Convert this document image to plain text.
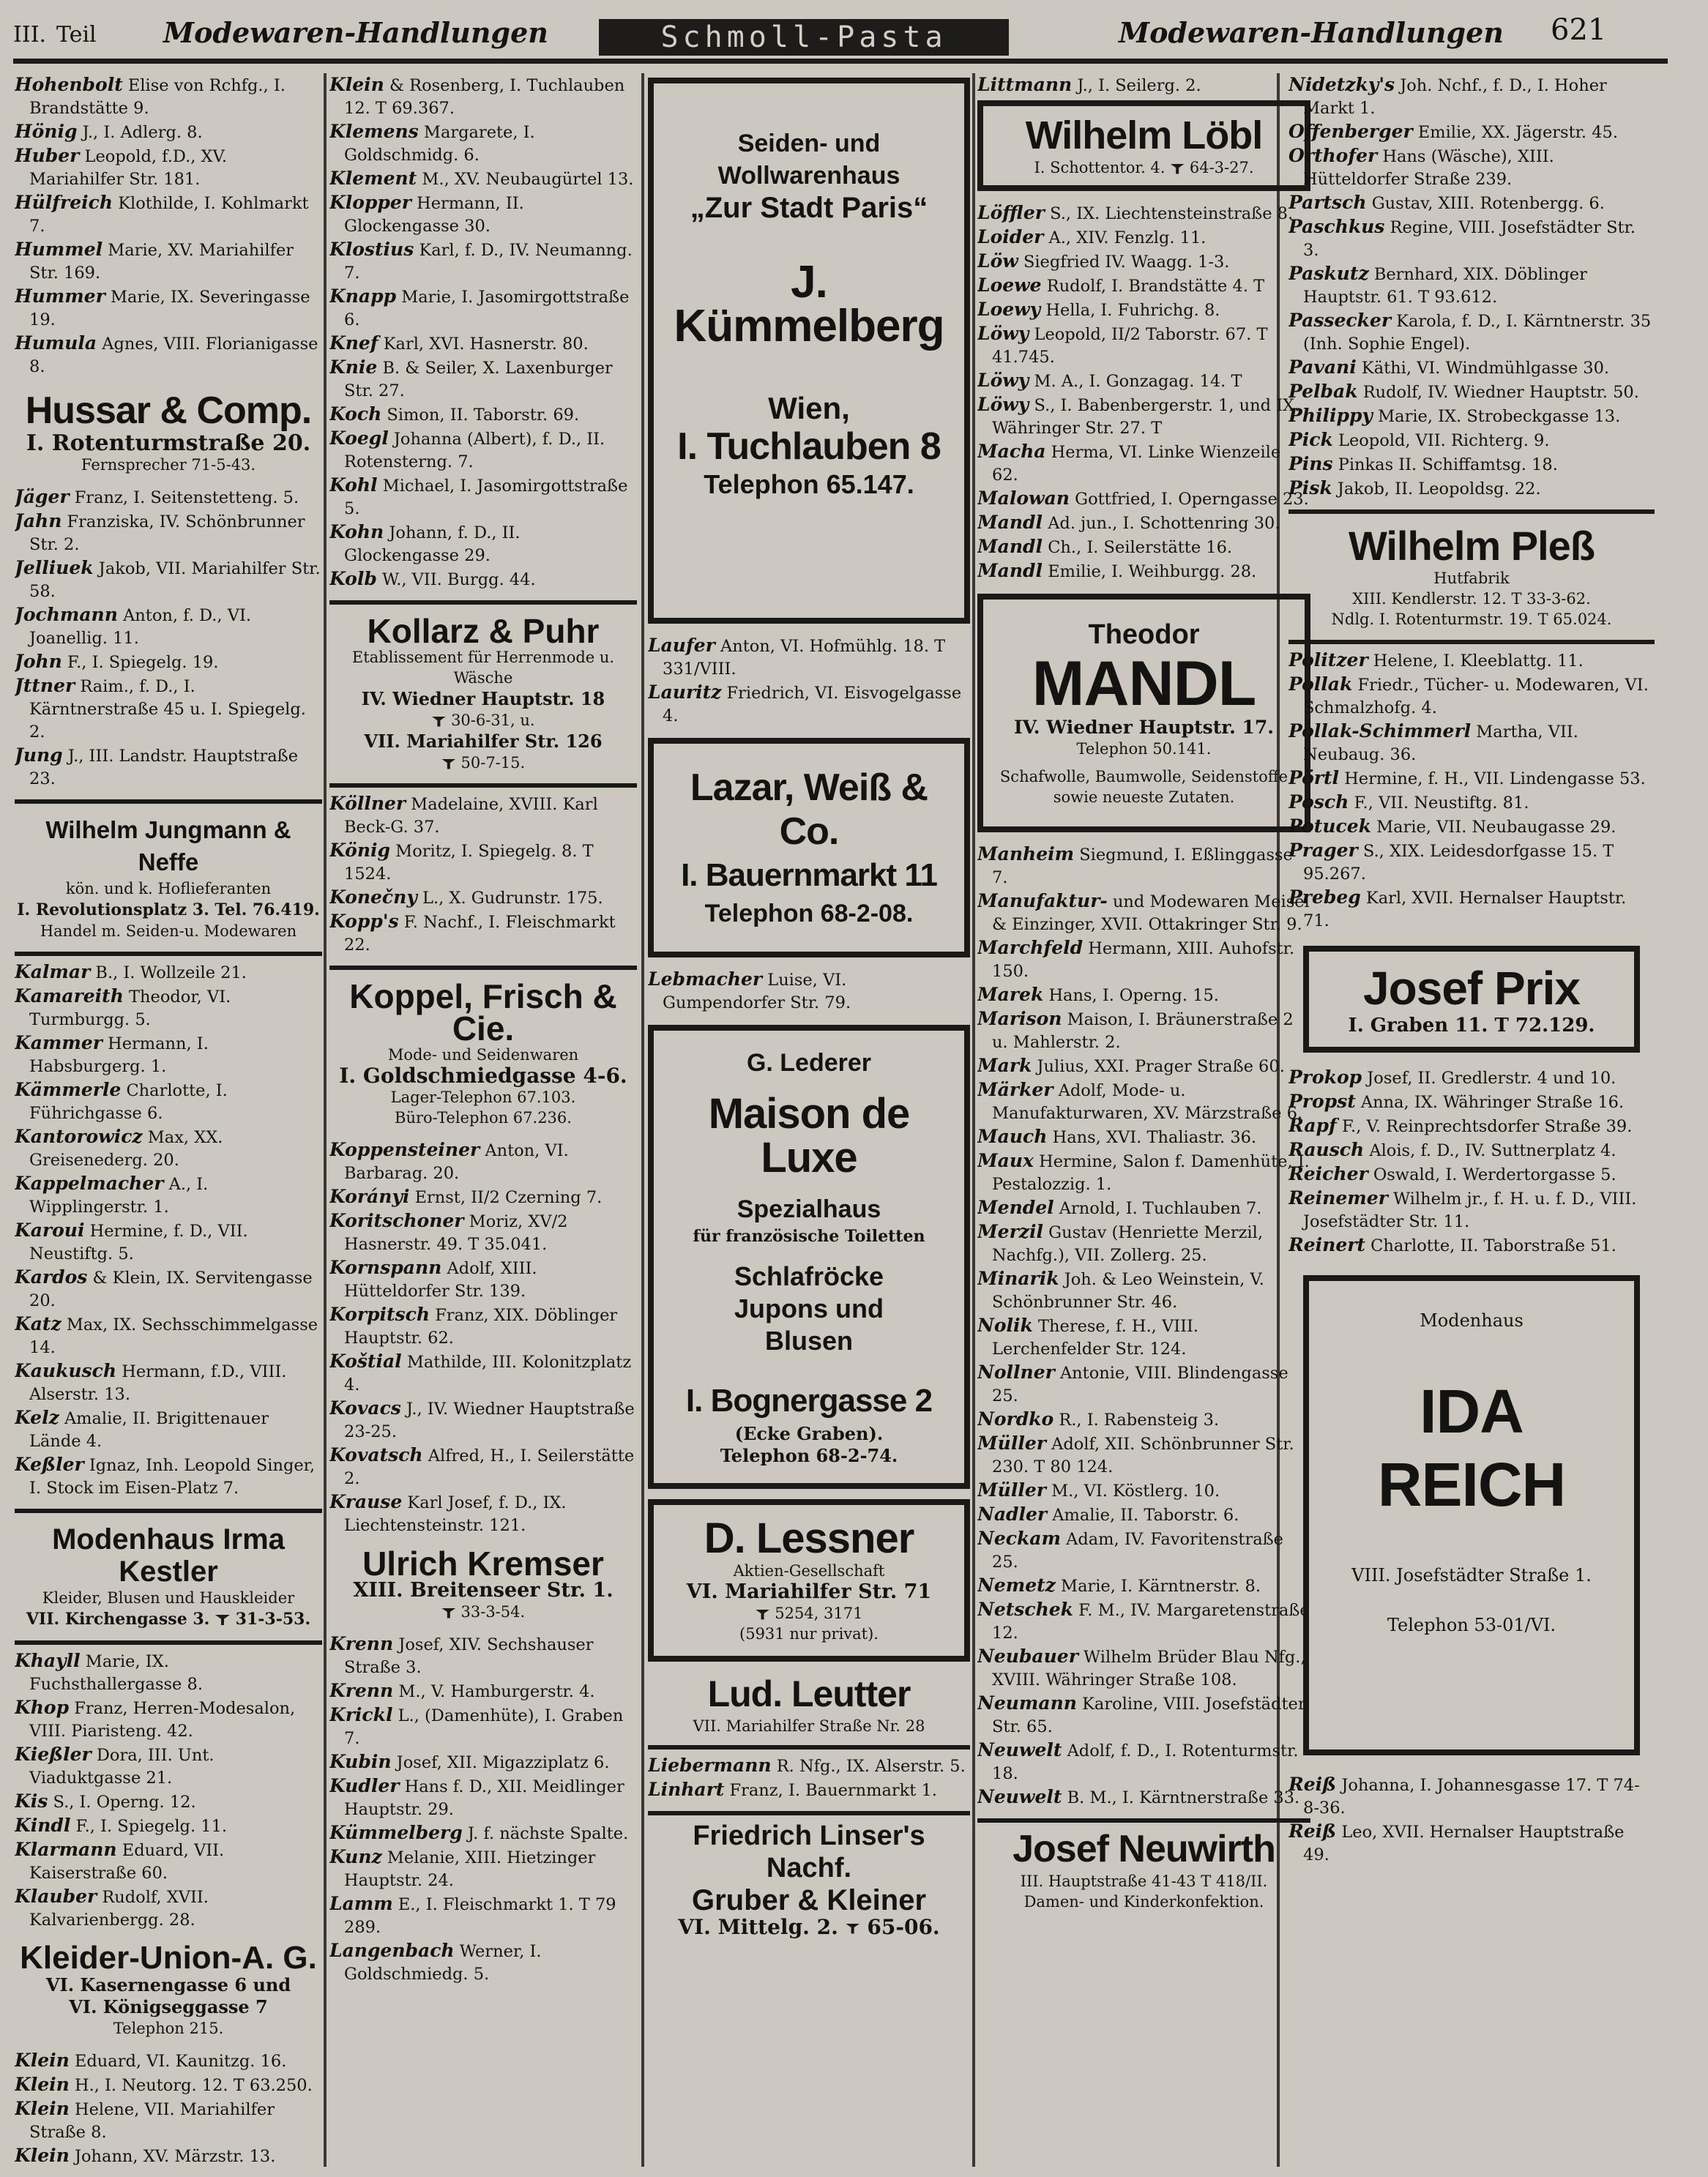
III. Teil Modewaren-Handlungen	Schmoll-Pasta	Modewaren-Handlungen 621

Hohenbolt Elise von Rchfg., I. Brandstätte 9.

Hönig J., I. Adlerg. 8.

Huber Leopold, f.D., XV. Mariahilfer Str. 181.

Hülfreich Klothilde, I. Kohlmarkt 7.

Hummel Marie, XV. Mariahilfer Str. 169.

Hummer Marie, IX. Severingasse 19.

Humula Agnes, VIII. Florianigasse 8.

Hussar & Comp.
I. Rotenturmstraße 20.
Fernsprecher 71-5-43.

Jäger Franz, I. Seitenstetteng. 5.

Jahn Franziska, IV. Schönbrunner Str. 2.

Jelliuek Jakob, VII. Mariahilfer Str. 58.

Jochmann Anton, f. D., VI. Joanellig. 11.

John F., I. Spiegelg. 19.

Jttner Raim., f. D., I. Kärntnerstraße 45 u. I. Spiegelg. 2.

Jung J., III. Landstr. Hauptstraße 23.

Wilhelm Jungmann & Neffe
kön. und k. Hoflieferanten
I. Revolutionsplatz 3. Tel. 76.419.
Handel m. Seiden-u. Modewaren

Kalmar B., I. Wollzeile 21.

Kamareith Theodor, VI. Turmburgg. 5.

Kammer Hermann, I. Habsburgerg. 1.

Kämmerle Charlotte, I. Führichgasse 6.

Kantorowicz Max, XX. Greisenederg. 20.

Kappelmacher A., I. Wipplingerstr. 1.

Karoui Hermine, f. D., VII. Neustiftg. 5.

Kardos & Klein, IX. Servitengasse 20.

Katz Max, IX. Sechsschimmelgasse 14.

Kaukusch Hermann, f.D., VIII. Alserstr. 13.

Kelz Amalie, II. Brigittenauer Lände 4.

Keßler Ignaz, Inh. Leopold Singer, I. Stock im Eisen-Platz 7.

Modenhaus Irma Kestler
Kleider, Blusen und Hauskleider
VII. Kirchengasse 3. 31-3-53.

Khayll Marie, IX. Fuchsthallergasse 8.

Khop Franz, Herren-Modesalon, VIII. Piaristeng. 42.

Kießler Dora, III. Unt. Viaduktgasse 21.

Kis S., I. Operng. 12.

Kindl F., I. Spiegelg. 11.

Klarmann Eduard, VII. Kaiserstraße 60.

Klauber Rudolf, XVII. Kalvarienbergg. 28.

Kleider-Union-A. G.
VI. Kasernengasse 6 und
VI. Königseggasse 7
Telephon 215.

Klein Eduard, VI. Kaunitzg. 16.

Klein H., I. Neutorg. 12. T 63.250.

Klein Helene, VII. Mariahilfer Straße 8.

Klein Johann, XV. Märzstr. 13.

Klein & Rosenberg, I. Tuchlauben 12. T 69.367.

Klemens Margarete, I. Goldschmidg. 6.

Klement M., XV. Neubaugürtel 13.

Klopper Hermann, II. Glockengasse 30.

Klostius Karl, f. D., IV. Neumanng. 7.

Knapp Marie, I. Jasomirgottstraße 6.

Knef Karl, XVI. Hasnerstr. 80.

Knie B. & Seiler, X. Laxenburger Str. 27.

Koch Simon, II. Taborstr. 69.

Koegl Johanna (Albert), f. D., II. Rotensterng. 7.

Kohl Michael, I. Jasomirgottstraße 5.

Kohn Johann, f. D., II. Glockengasse 29.

Kolb W., VII. Burgg. 44.

Kollarz & Puhr
Etablissement für Herrenmode u. Wäsche
IV. Wiedner Hauptstr. 18
30-6-31, u.
VII. Mariahilfer Str. 126
50-7-15.

Köllner Madelaine, XVIII. Karl Beck-G. 37.

König Moritz, I. Spiegelg. 8. T 1524.

Konečny L., X. Gudrunstr. 175.

Kopp's F. Nachf., I. Fleischmarkt 22.

Koppel, Frisch & Cie.
Mode- und Seidenwaren
I. Goldschmiedgasse 4-6.
Lager-Telephon 67.103.
Büro-Telephon 67.236.

Koppensteiner Anton, VI. Barbarag. 20.

Korányi Ernst, II/2 Czerning 7.

Koritschoner Moriz, XV/2 Hasnerstr. 49. T 35.041.

Kornspann Adolf, XIII. Hütteldorfer Str. 139.

Korpitsch Franz, XIX. Döblinger Hauptstr. 62.

Koštial Mathilde, III. Kolonitzplatz 4.

Kovacs J., IV. Wiedner Hauptstraße 23-25.

Kovatsch Alfred, H., I. Seilerstätte 2.

Krause Karl Josef, f. D., IX. Liechtensteinstr. 121.

Ulrich Kremser
XIII. Breitenseer Str. 1.
33-3-54.

Krenn Josef, XIV. Sechshauser Straße 3.

Krenn M., V. Hamburgerstr. 4.

Krickl L., (Damenhüte), I. Graben 7.

Kubin Josef, XII. Migazziplatz 6.

Kudler Hans f. D., XII. Meidlinger Hauptstr. 29.

Kümmelberg J. f. nächste Spalte.

Kunz Melanie, XIII. Hietzinger Hauptstr. 24.

Lamm E., I. Fleischmarkt 1. T 79 289.

Langenbach Werner, I. Goldschmiedg. 5.

Seiden- und
Wollwarenhaus
„Zur Stadt Paris“
J. Kümmelberg
Wien,
I. Tuchlauben 8
Telephon 65.147.

Laufer Anton, VI. Hofmühlg. 18. T 331/VIII.

Lauritz Friedrich, VI. Eisvogelgasse 4.

Lazar, Weiß & Co.
I. Bauernmarkt 11
Telephon 68-2-08.

Lebmacher Luise, VI. Gumpendorfer Str. 79.

G. Lederer
Maison de Luxe
Spezialhaus
für französische Toiletten
Schlafröcke
Jupons und
Blusen
I. Bognergasse 2
(Ecke Graben).
Telephon 68-2-74.
D. Lessner
Aktien-Gesellschaft
VI. Mariahilfer Str. 71
5254, 3171
(5931 nur privat).
Lud. Leutter
VII. Mariahilfer Straße Nr. 28

Liebermann R. Nfg., IX. Alserstr. 5.

Linhart Franz, I. Bauernmarkt 1.

Friedrich Linser's Nachf.
Gruber & Kleiner
VI. Mittelg. 2. 65-06.

Littmann J., I. Seilerg. 2.

Wilhelm Löbl
I. Schottentor. 4. 64-3-27.

Löffler S., IX. Liechtensteinstraße 8.

Loider A., XIV. Fenzlg. 11.

Löw Siegfried IV. Waagg. 1-3.

Loewe Rudolf, I. Brandstätte 4. T

Loewy Hella, I. Fuhrichg. 8.

Löwy Leopold, II/2 Taborstr. 67. T 41.745.

Löwy M. A., I. Gonzagag. 14. T

Löwy S., I. Babenbergerstr. 1, und IX. Währinger Str. 27. T

Macha Herma, VI. Linke Wienzeile 62.

Malowan Gottfried, I. Operngasse 23.

Mandl Ad. jun., I. Schottenring 30.

Mandl Ch., I. Seilerstätte 16.

Mandl Emilie, I. Weihburgg. 28.

Theodor
MANDL
IV. Wiedner Hauptstr. 17.
Telephon 50.141.
Schafwolle, Baumwolle, Seidenstoffe sowie neueste Zutaten.

Manheim Siegmund, I. Eßlinggasse 7.

Manufaktur- und Modewaren Meisel & Einzinger, XVII. Ottakringer Str. 9.

Marchfeld Hermann, XIII. Auhofstr. 150.

Marek Hans, I. Operng. 15.

Marison Maison, I. Bräunerstraße 2 u. Mahlerstr. 2.

Mark Julius, XXI. Prager Straße 60.

Märker Adolf, Mode- u. Manufakturwaren, XV. Märzstraße 6.

Mauch Hans, XVI. Thaliastr. 36.

Maux Hermine, Salon f. Damenhüte, I. Pestalozzig. 1.

Mendel Arnold, I. Tuchlauben 7.

Merzil Gustav (Henriette Merzil, Nachfg.), VII. Zollerg. 25.

Minarik Joh. & Leo Weinstein, V. Schönbrunner Str. 46.

Nolik Therese, f. H., VIII. Lerchenfelder Str. 124.

Nollner Antonie, VIII. Blindengasse 25.

Nordko R., I. Rabensteig 3.

Müller Adolf, XII. Schönbrunner Str. 230. T 80 124.

Müller M., VI. Köstlerg. 10.

Nadler Amalie, II. Taborstr. 6.

Neckam Adam, IV. Favoritenstraße 25.

Nemetz Marie, I. Kärntnerstr. 8.

Netschek F. M., IV. Margaretenstraße 12.

Neubauer Wilhelm Brüder Blau Nfg., XVIII. Währinger Straße 108.

Neumann Karoline, VIII. Josefstädter Str. 65.

Neuwelt Adolf, f. D., I. Rotenturmstr. 18.

Neuwelt B. M., I. Kärntnerstraße 33.

Josef Neuwirth
III. Hauptstraße 41-43 T 418/II.
Damen- und Kinderkonfektion.

Nidetzky's Joh. Nchf., f. D., I. Hoher Markt 1.

Offenberger Emilie, XX. Jägerstr. 45.

Orthofer Hans (Wäsche), XIII. Hütteldorfer Straße 239.

Partsch Gustav, XIII. Rotenbergg. 6.

Paschkus Regine, VIII. Josefstädter Str. 3.

Paskutz Bernhard, XIX. Döblinger Hauptstr. 61. T 93.612.

Passecker Karola, f. D., I. Kärntnerstr. 35 (Inh. Sophie Engel).

Pavani Käthi, VI. Windmühlgasse 30.

Pelbak Rudolf, IV. Wiedner Hauptstr. 50.

Philippy Marie, IX. Strobeckgasse 13.

Pick Leopold, VII. Richterg. 9.

Pins Pinkas II. Schiffamtsg. 18.

Pisk Jakob, II. Leopoldsg. 22.

Wilhelm Pleß
Hutfabrik
XIII. Kendlerstr. 12. T 33-3-62.
Ndlg. I. Rotenturmstr. 19. T 65.024.

Politzer Helene, I. Kleeblattg. 11.

Pollak Friedr., Tücher- u. Modewaren, VI. Schmalzhofg. 4.

Pollak-Schimmerl Martha, VII. Neubaug. 36.

Pörtl Hermine, f. H., VII. Lindengasse 53.

Posch F., VII. Neustiftg. 81.

Potucek Marie, VII. Neubaugasse 29.

Prager S., XIX. Leidesdorfgasse 15. T 95.267.

Prebeg Karl, XVII. Hernalser Hauptstr. 71.

Josef Prix
I. Graben 11. T 72.129.

Prokop Josef, II. Gredlerstr. 4 und 10.

Propst Anna, IX. Währinger Straße 16.

Rapf F., V. Reinprechtsdorfer Straße 39.

Rausch Alois, f. D., IV. Suttnerplatz 4.

Reicher Oswald, I. Werdertorgasse 5.

Reinemer Wilhelm jr., f. H. u. f. D., VIII. Josefstädter Str. 11.

Reinert Charlotte, II. Taborstraße 51.

Modenhaus
IDA
REICH
VIII. Josefstädter Straße 1.
Telephon 53-01/VI.

Reiß Johanna, I. Johannesgasse 17. T 74-8-36.

Reiß Leo, XVII. Hernalser Hauptstraße 49.
